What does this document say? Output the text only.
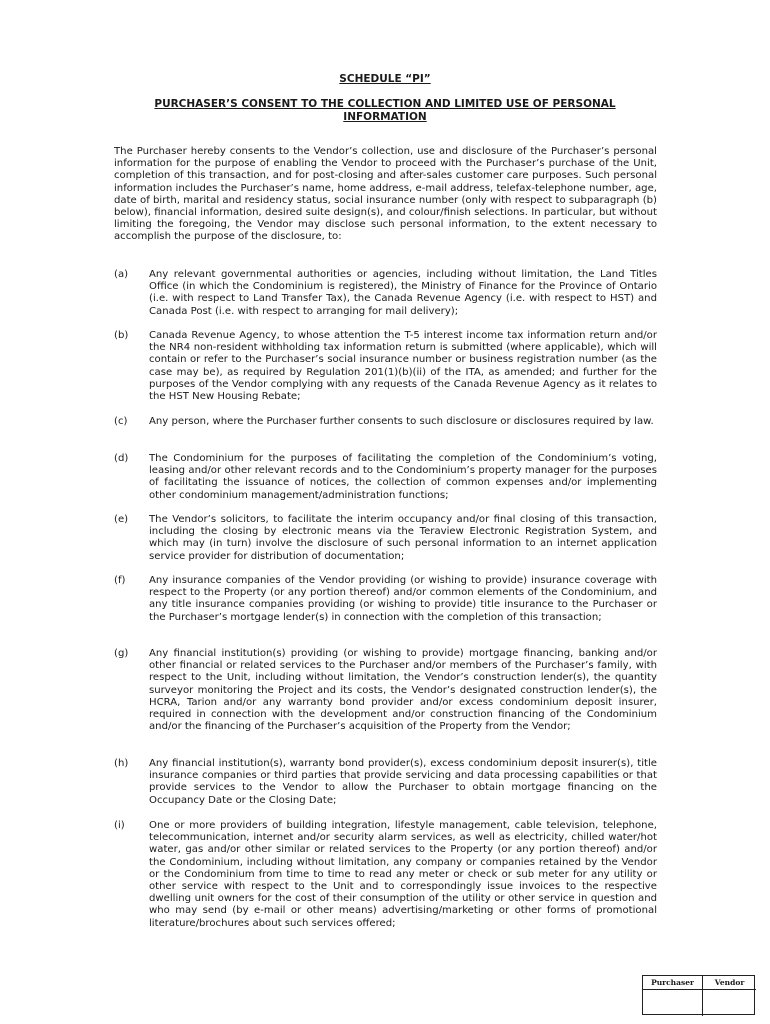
SCHEDULE “PI”
PURCHASER’S CONSENT TO THE COLLECTION AND LIMITED USE OF PERSONAL INFORMATION

The Purchaser hereby consents to the Vendor’s collection, use and disclosure of the Purchaser’s personal information for the purpose of enabling the Vendor to proceed with the Purchaser’s purchase of the Unit, completion of this transaction, and for post-closing and after-sales customer care purposes. Such personal information includes the Purchaser’s name, home address, e-mail address, telefax-telephone number, age, date of birth, marital and residency status, social insurance number (only with respect to subparagraph (b) below), financial information, desired suite design(s), and colour/finish selections. In particular, but without limiting the foregoing, the Vendor may disclose such personal information, to the extent necessary to accomplish the purpose of the disclosure, to:

(a) Any relevant governmental authorities or agencies, including without limitation, the Land Titles Office (in which the Condominium is registered), the Ministry of Finance for the Province of Ontario (i.e. with respect to Land Transfer Tax), the Canada Revenue Agency (i.e. with respect to HST) and Canada Post (i.e. with respect to arranging for mail delivery);

(b) Canada Revenue Agency, to whose attention the T-5 interest income tax information return and/or the NR4 non-resident withholding tax information return is submitted (where applicable), which will contain or refer to the Purchaser’s social insurance number or business registration number (as the case may be), as required by Regulation 201(1)(b)(ii) of the ITA, as amended; and further for the purposes of the Vendor complying with any requests of the Canada Revenue Agency as it relates to the HST New Housing Rebate;

(c) Any person, where the Purchaser further consents to such disclosure or disclosures required by law.

(d) The Condominium for the purposes of facilitating the completion of the Condominium’s voting, leasing and/or other relevant records and to the Condominium’s property manager for the purposes of facilitating the issuance of notices, the collection of common expenses and/or implementing other condominium management/administration functions;

(e) The Vendor’s solicitors, to facilitate the interim occupancy and/or final closing of this transaction, including the closing by electronic means via the Teraview Electronic Registration System, and which may (in turn) involve the disclosure of such personal information to an internet application service provider for distribution of documentation;

(f) Any insurance companies of the Vendor providing (or wishing to provide) insurance coverage with respect to the Property (or any portion thereof) and/or common elements of the Condominium, and any title insurance companies providing (or wishing to provide) title insurance to the Purchaser or the Purchaser’s mortgage lender(s) in connection with the completion of this transaction;

(g) Any financial institution(s) providing (or wishing to provide) mortgage financing, banking and/or other financial or related services to the Purchaser and/or members of the Purchaser’s family, with respect to the Unit, including without limitation, the Vendor’s construction lender(s), the quantity surveyor monitoring the Project and its costs, the Vendor’s designated construction lender(s), the HCRA, Tarion and/or any warranty bond provider and/or excess condominium deposit insurer, required in connection with the development and/or construction financing of the Condominium and/or the financing of the Purchaser’s acquisition of the Property from the Vendor;

(h) Any financial institution(s), warranty bond provider(s), excess condominium deposit insurer(s), title insurance companies or third parties that provide servicing and data processing capabilities or that provide services to the Vendor to allow the Purchaser to obtain mortgage financing on the Occupancy Date or the Closing Date;

(i) One or more providers of building integration, lifestyle management, cable television, telephone, telecommunication, internet and/or security alarm services, as well as electricity, chilled water/hot water, gas and/or other similar or related services to the Property (or any portion thereof) and/or the Condominium, including without limitation, any company or companies retained by the Vendor or the Condominium from time to time to read any meter or check or sub meter for any utility or other service with respect to the Unit and to correspondingly issue invoices to the respective dwelling unit owners for the cost of their consumption of the utility or other service in question and who may send (by e-mail or other means) advertising/marketing or other forms of promotional literature/brochures about such services offered;

Purchaser	Vendor
